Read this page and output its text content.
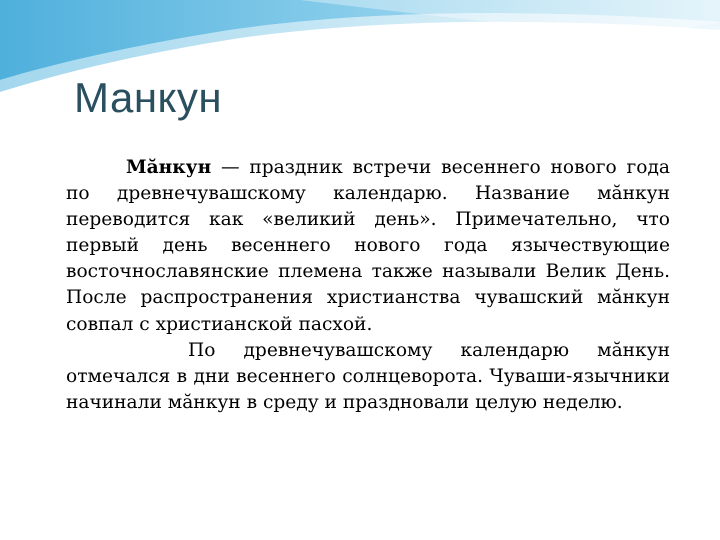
Манкун

Мăнкун — праздник встречи весеннего нового года по древнечувашскому календарю. Название мăнкун переводится как «великий день». Примечательно, что первый день весеннего нового года язычествующие восточнославянские племена также называли Велик День. После распространения христианства чувашский мăнкун совпал с христианской пасхой.

По древнечувашскому календарю мăнкун отмечался в дни весеннего солнцеворота. Чуваши-язычники начинали мăнкун в среду и праздновали целую неделю.
